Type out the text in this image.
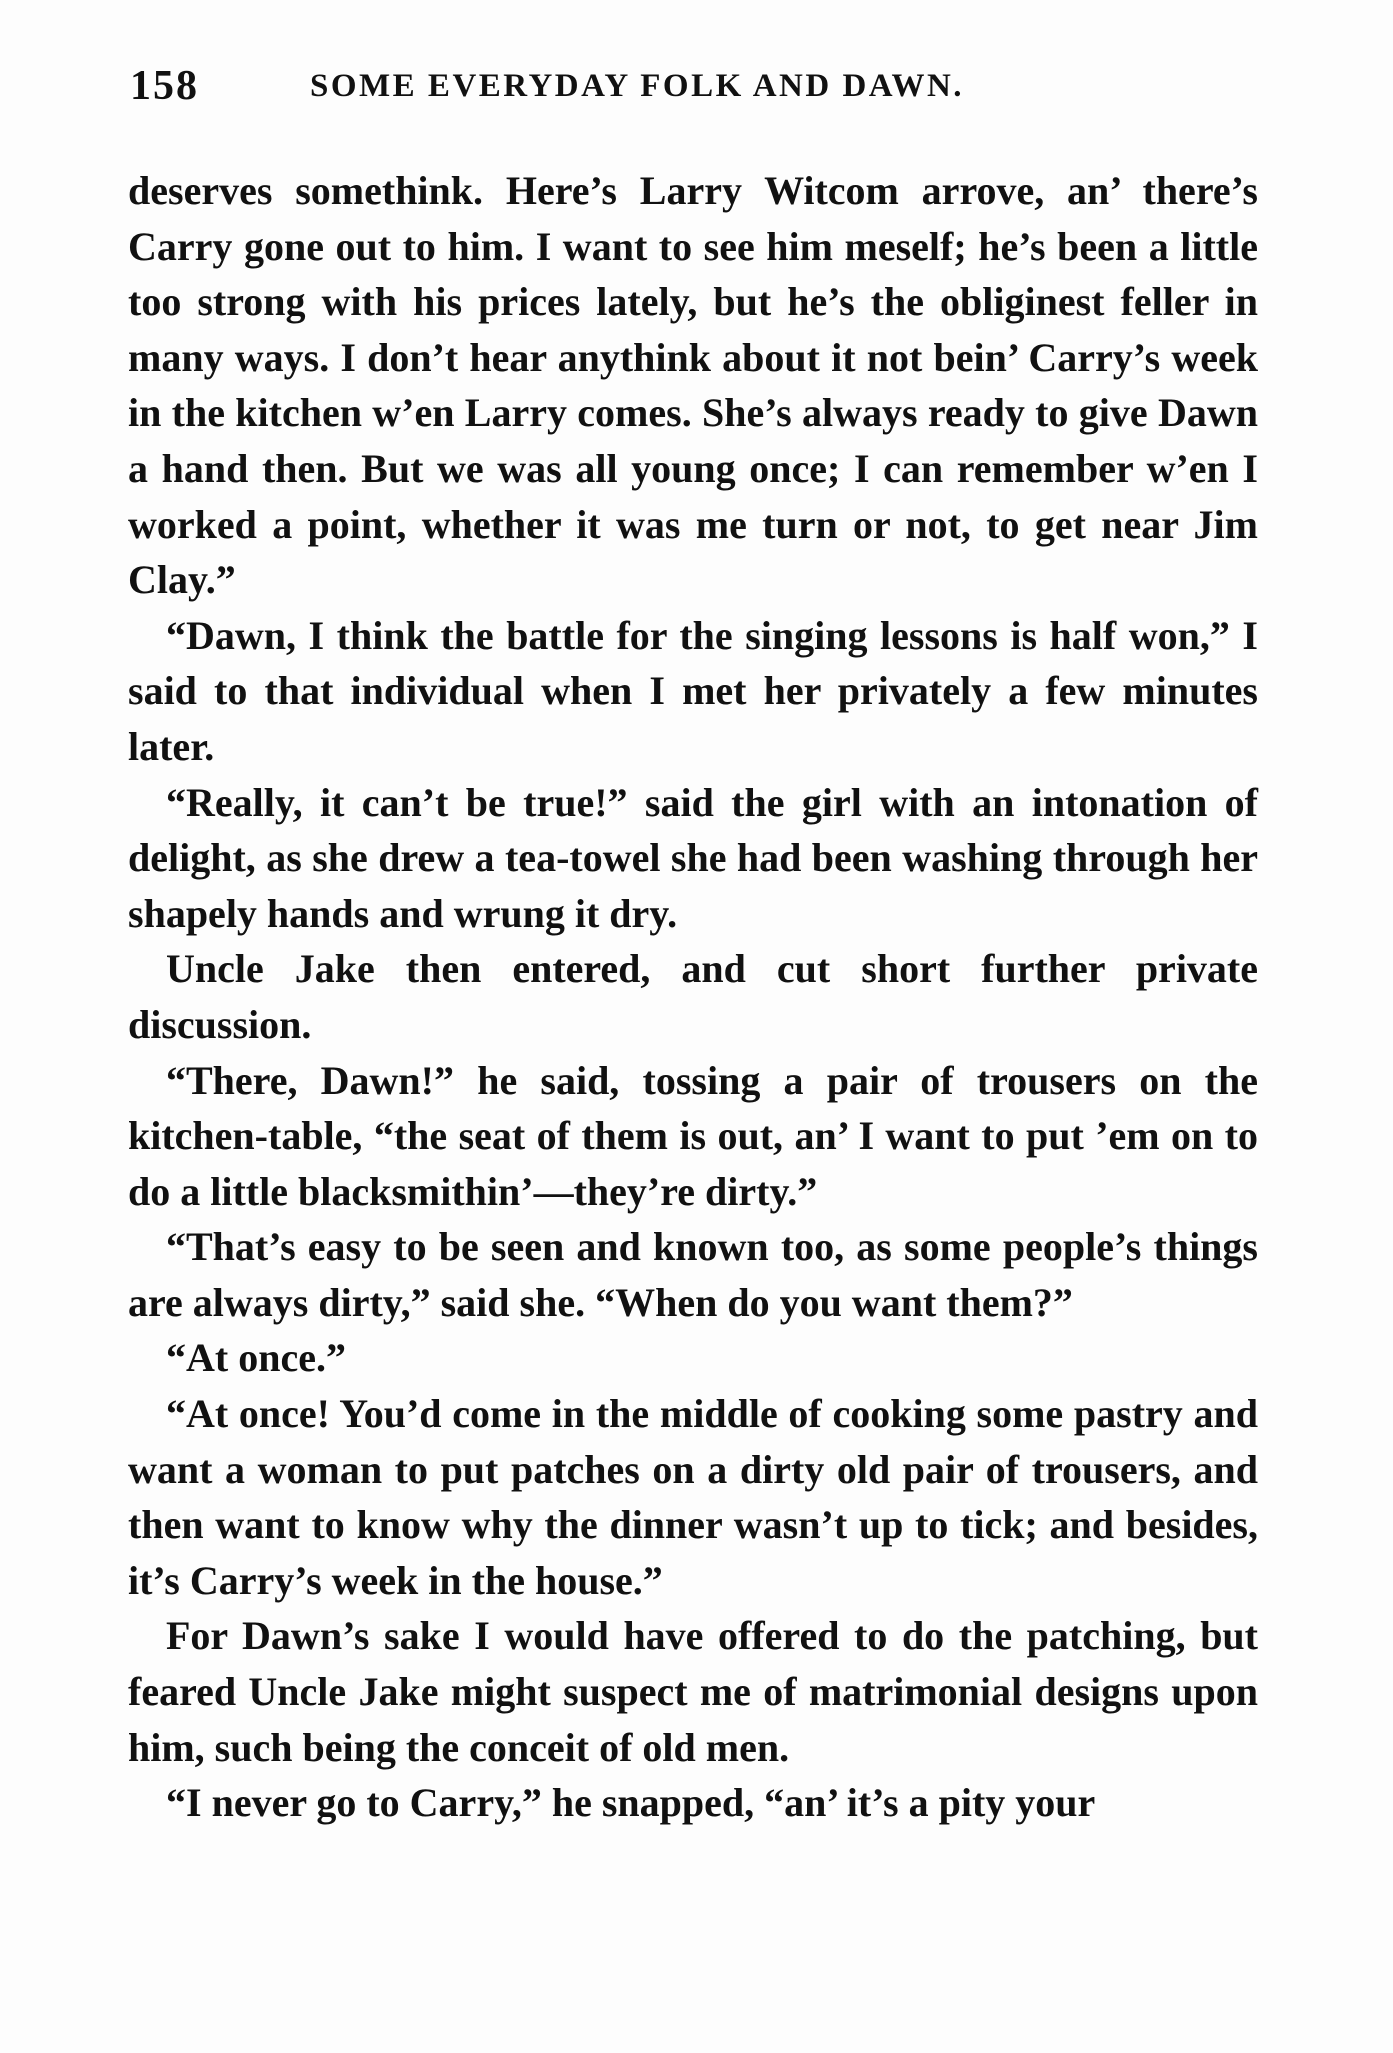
158	SOME EVERYDAY FOLK AND DAWN.

deserves somethink. Here’s Larry Witcom arrove, an’ there’s Carry gone out to him. I want to see him meself; he’s been a little too strong with his prices lately, but he’s the obliginest feller in many ways. I don’t hear anythink about it not bein’ Carry’s week in the kitchen w’en Larry comes. She’s always ready to give Dawn a hand then. But we was all young once; I can remember w’en I worked a point, whether it was me turn or not, to get near Jim Clay.”

“Dawn, I think the battle for the singing lessons is half won,” I said to that individual when I met her privately a few minutes later.

“Really, it can’t be true!” said the girl with an intonation of delight, as she drew a tea-towel she had been washing through her shapely hands and wrung it dry.

Uncle Jake then entered, and cut short further private discussion.

“There, Dawn!” he said, tossing a pair of trousers on the kitchen-table, “the seat of them is out, an’ I want to put ’em on to do a little blacksmithin’—they’re dirty.”

“That’s easy to be seen and known too, as some people’s things are always dirty,” said she. “When do you want them?”

“At once.”

“At once! You’d come in the middle of cooking some pastry and want a woman to put patches on a dirty old pair of trousers, and then want to know why the dinner wasn’t up to tick; and besides, it’s Carry’s week in the house.”

For Dawn’s sake I would have offered to do the patching, but feared Uncle Jake might suspect me of matrimonial designs upon him, such being the conceit of old men.

“I never go to Carry,” he snapped, “an’ it’s a pity your
